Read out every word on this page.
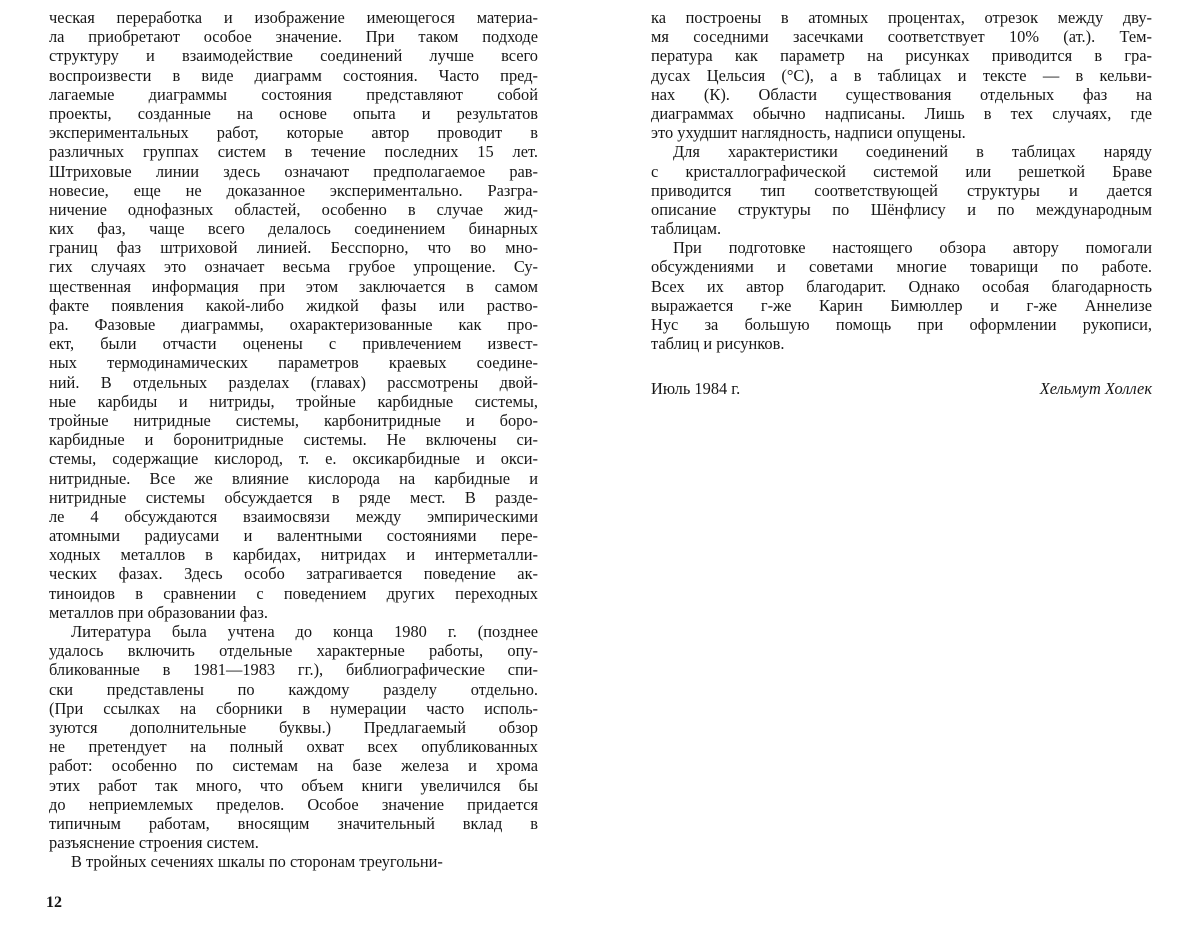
ческая переработка и изображение имеющегося материа-
ла приобретают особое значение. При таком подходе
структуру и взаимодействие соединений лучше всего
воспроизвести в виде диаграмм состояния. Часто пред-
лагаемые диаграммы состояния представляют собой
проекты, созданные на основе опыта и результатов
экспериментальных работ, которые автор проводит в
различных группах систем в течение последних 15 лет.
Штриховые линии здесь означают предполагаемое рав-
новесие, еще не доказанное экспериментально. Разгра-
ничение однофазных областей, особенно в случае жид-
ких фаз, чаще всего делалось соединением бинарных
границ фаз штриховой линией. Бесспорно, что во мно-
гих случаях это означает весьма грубое упрощение. Су-
щественная информация при этом заключается в самом
факте появления какой-либо жидкой фазы или раство-
ра. Фазовые диаграммы, охарактеризованные как про-
ект, были отчасти оценены с привлечением извест-
ных термодинамических параметров краевых соедине-
ний. В отдельных разделах (главах) рассмотрены двой-
ные карбиды и нитриды, тройные карбидные системы,
тройные нитридные системы, карбонитридные и боро-
карбидные и боронитридные системы. Не включены си-
стемы, содержащие кислород, т. е. оксикарбидные и окси-
нитридные. Все же влияние кислорода на карбидные и
нитридные системы обсуждается в ряде мест. В разде-
ле 4 обсуждаются взаимосвязи между эмпирическими
атомными радиусами и валентными состояниями пере-
ходных металлов в карбидах, нитридах и интерметалли-
ческих фазах. Здесь особо затрагивается поведение ак-
тиноидов в сравнении с поведением других переходных
металлов при образовании фаз.
Литература была учтена до конца 1980 г. (позднее
удалось включить отдельные характерные работы, опу-
бликованные в 1981—1983 гг.), библиографические спи-
ски представлены по каждому разделу отдельно.
(При ссылках на сборники в нумерации часто исполь-
зуются дополнительные буквы.) Предлагаемый обзор
не претендует на полный охват всех опубликованных
работ: особенно по системам на базе железа и хрома
этих работ так много, что объем книги увеличился бы
до неприемлемых пределов. Особое значение придается
типичным работам, вносящим значительный вклад в
разъяснение строения систем.
В тройных сечениях шкалы по сторонам треугольни-
ка построены в атомных процентах, отрезок между дву-
мя соседними засечками соответствует 10% (ат.). Тем-
пература как параметр на рисунках приводится в гра-
дусах Цельсия (°С), а в таблицах и тексте — в кельви-
нах (К). Области существования отдельных фаз на
диаграммах обычно надписаны. Лишь в тех случаях, где
это ухудшит наглядность, надписи опущены.
Для характеристики соединений в таблицах наряду
с кристаллографической системой или решеткой Браве
приводится тип соответствующей структуры и дается
описание структуры по Шёнфлису и по международным
таблицам.
При подготовке настоящего обзора автору помогали
обсуждениями и советами многие товарищи по работе.
Всех их автор благодарит. Однако особая благодарность
выражается г-же Карин Бимюллер и г-же Аннелизе
Нус за большую помощь при оформлении рукописи,
таблиц и рисунков.
Июль 1984 г.	Хельмут Холлек
12
